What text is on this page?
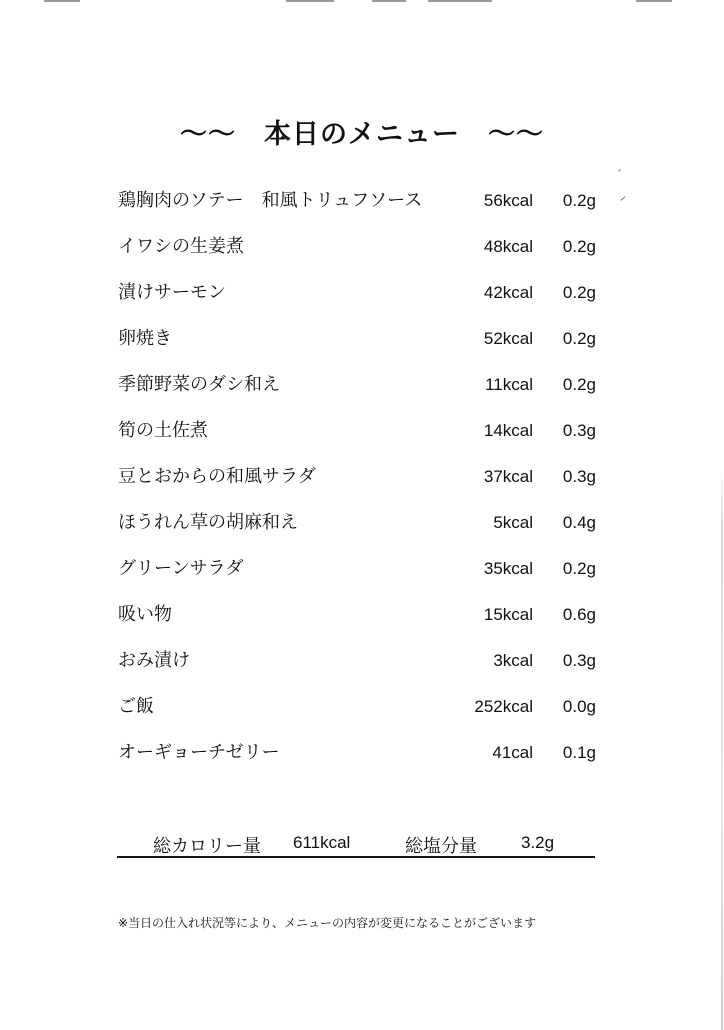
～～　本日のメニュー　～～
鶏胸肉のソテー　和風トリュフソース	56kcal 0.2g
イワシの生姜煮	48kcal 0.2g
漬けサーモン	42kcal 0.2g
卵焼き	52kcal 0.2g
季節野菜のダシ和え	11kcal 0.2g
筍の土佐煮	14kcal 0.3g
豆とおからの和風サラダ	37kcal 0.3g
ほうれん草の胡麻和え	5kcal 0.4g
グリーンサラダ	35kcal 0.2g
吸い物	15kcal 0.6g
おみ漬け	3kcal 0.3g
ご飯	252kcal 0.0g
オーギョーチゼリー	41cal 0.1g
総カロリー量 611kcal	総塩分量	3.2g
※当日の仕入れ状況等により、メニューの内容が変更になることがございます
